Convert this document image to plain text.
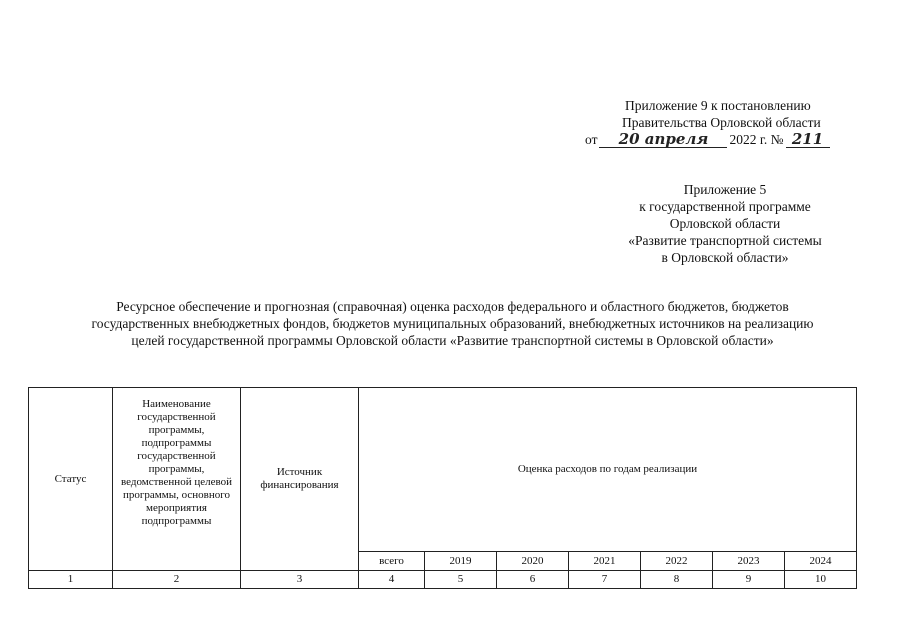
Приложение 9 к постановлению
Правительства Орловской области
от	20 апреля	2022 г. № 211
Приложение 5
к государственной программе
Орловской области
«Развитие транспортной системы
в Орловской области»
Ресурсное обеспечение и прогнозная (справочная) оценка расходов федерального и областного бюджетов, бюджетов
государственных внебюджетных фондов, бюджетов муниципальных образований, внебюджетных источников на реализацию
целей государственной программы Орловской области «Развитие транспортной системы в Орловской области»
Статус	Наименование государственной программы, подпрограммы государственной программы, ведомственной целевой программы, основного мероприятия подпрограммы	Источник финансирования	Оценка расходов по годам реализации						
			всего	2019	2020	2021	2022	2023	2024
1	2	3	4	5	6	7	8	9	10
